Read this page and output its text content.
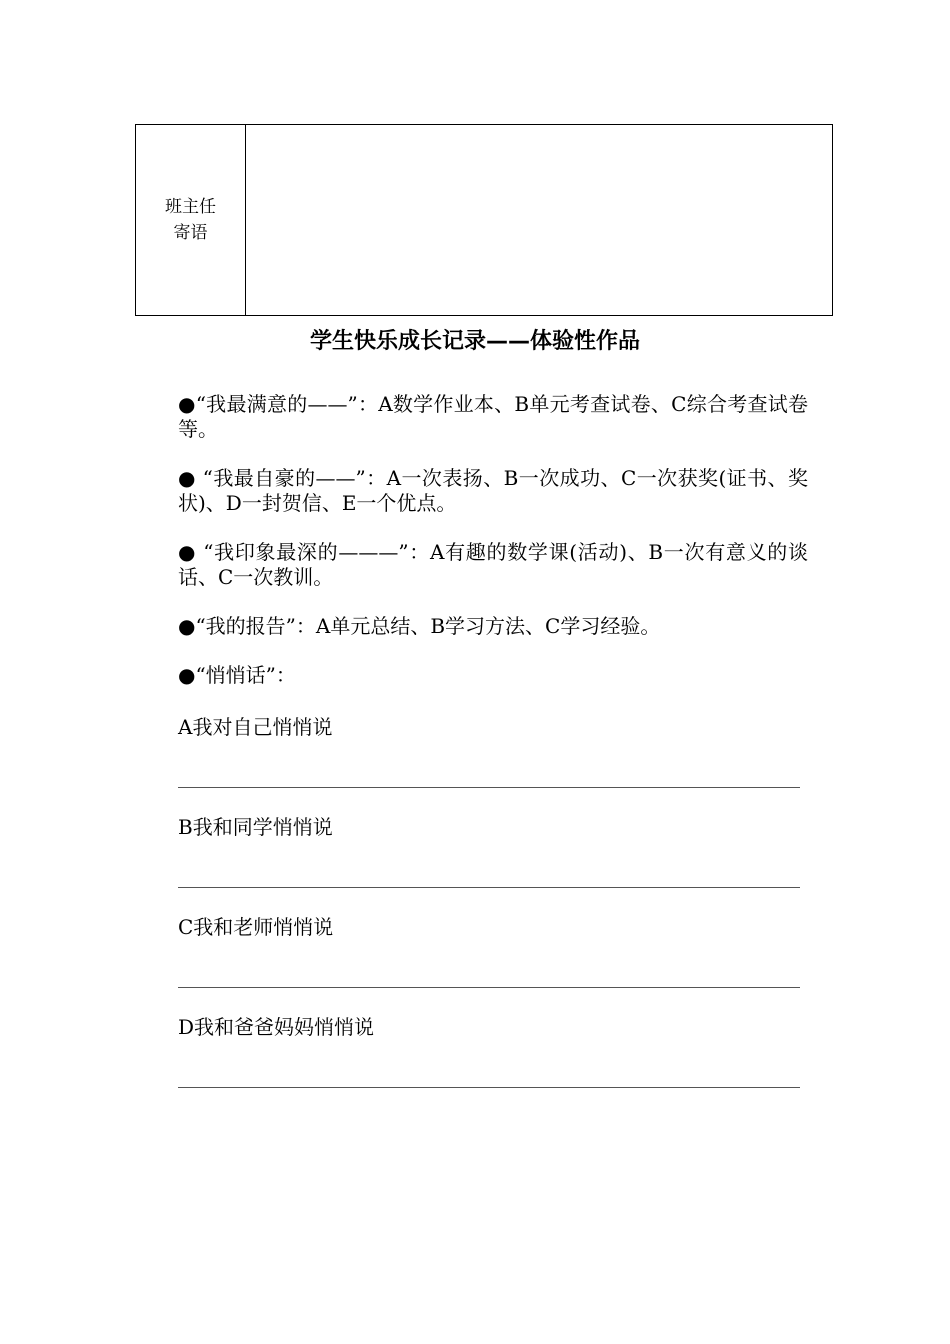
班主任
寄语
学生快乐成长记录——体验性作品

●“我最满意的——”：A数学作业本、B单元考查试卷、C综合考查试卷等。

● “我最自豪的——”：A一次表扬、B一次成功、C一次获奖(证书、奖状)、D一封贺信、E一个优点。

● “我印象最深的———”：A有趣的数学课(活动)、B一次有意义的谈话、C一次教训。

●“我的报告”：A单元总结、B学习方法、C学习经验。

●“悄悄话”：

A我对自己悄悄说
B我和同学悄悄说
C我和老师悄悄说
D我和爸爸妈妈悄悄说
